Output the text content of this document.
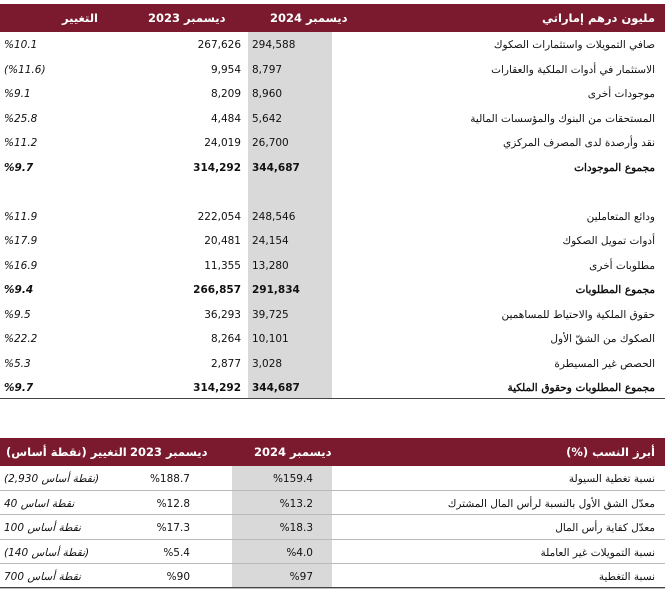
مليون درهم إماراتي
ديسمبر 2024
ديسمبر 2023
التغيير
صافي التمويلات واستثمارات الصكوك
294,588
267,626
%10.1
الاستثمار في أدوات الملكية والعقارات
8,797
9,954
(%11.6)
موجودات أخرى
8,960
8,209
%9.1
المستحقات من البنوك والمؤسسات المالية
5,642
4,484
%25.8
نقد وأرصدة لدى المصرف المركزي
26,700
24,019
%11.2
مجموع الموجودات
344,687
314,292
%9.7
ودائع المتعاملين
248,546
222,054
%11.9
أدوات تمويل الصكوك
24,154
20,481
%17.9
مطلوبات أخرى
13,280
11,355
%16.9
مجموع المطلوبات
291,834
266,857
%9.4
حقوق الملكية والاحتياط للمساهمين
39,725
36,293
%9.5
الصكوك من الشقّ الأول
10,101
8,264
%22.2
الحصص غير المسيطرة
3,028
2,877
%5.3
مجموع المطلوبات وحقوق الملكية
344,687
314,292
%9.7
أبرز النسب (%)
ديسمبر 2024
ديسمبر 2023
التغيير (نقطة أساس)
نسبة تغطية السيولة
%159.4
%188.7
(2,930 نقطة أساس)
معدّل الشق الأول بالنسبة لرأس المال المشترك
%13.2
%12.8
40 نقطة اساس
معدّل كفاية رأس المال
%18.3
%17.3
100 نقطة أساس
نسبة التمويلات غير العاملة
%4.0
%5.4
(140 نقطة أساس)
نسبة التغطية
%97
%90
700 نقطة أساس
